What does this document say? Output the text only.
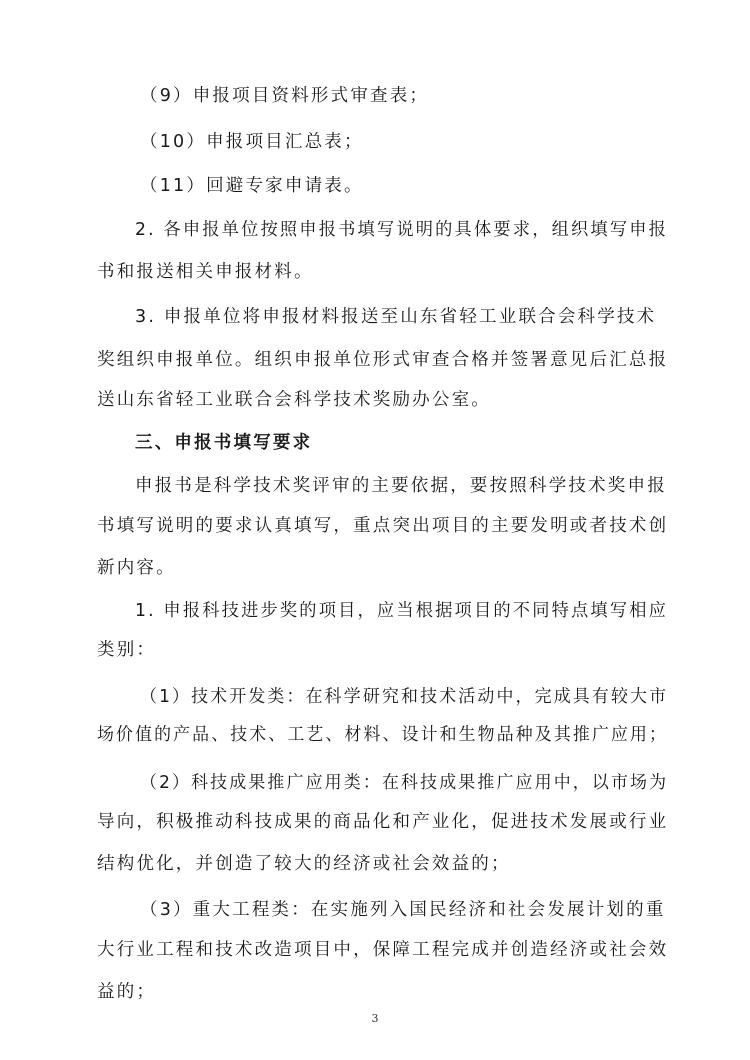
（9）申报项目资料形式审查表；
（10）申报项目汇总表；
（11）回避专家申请表。
2. 各申报单位按照申报书填写说明的具体要求，组织填写申报
书和报送相关申报材料。
3. 申报单位将申报材料报送至山东省轻工业联合会科学技术
奖组织申报单位。组织申报单位形式审查合格并签署意见后汇总报
送山东省轻工业联合会科学技术奖励办公室。
三、申报书填写要求
申报书是科学技术奖评审的主要依据，要按照科学技术奖申报
书填写说明的要求认真填写，重点突出项目的主要发明或者技术创
新内容。
1. 申报科技进步奖的项目，应当根据项目的不同特点填写相应
类别：
（1）技术开发类：在科学研究和技术活动中，完成具有较大市
场价值的产品、技术、工艺、材料、设计和生物品种及其推广应用；
（2）科技成果推广应用类：在科技成果推广应用中，以市场为
导向，积极推动科技成果的商品化和产业化，促进技术发展或行业
结构优化，并创造了较大的经济或社会效益的；
（3）重大工程类：在实施列入国民经济和社会发展计划的重
大行业工程和技术改造项目中，保障工程完成并创造经济或社会效
益的；
3
